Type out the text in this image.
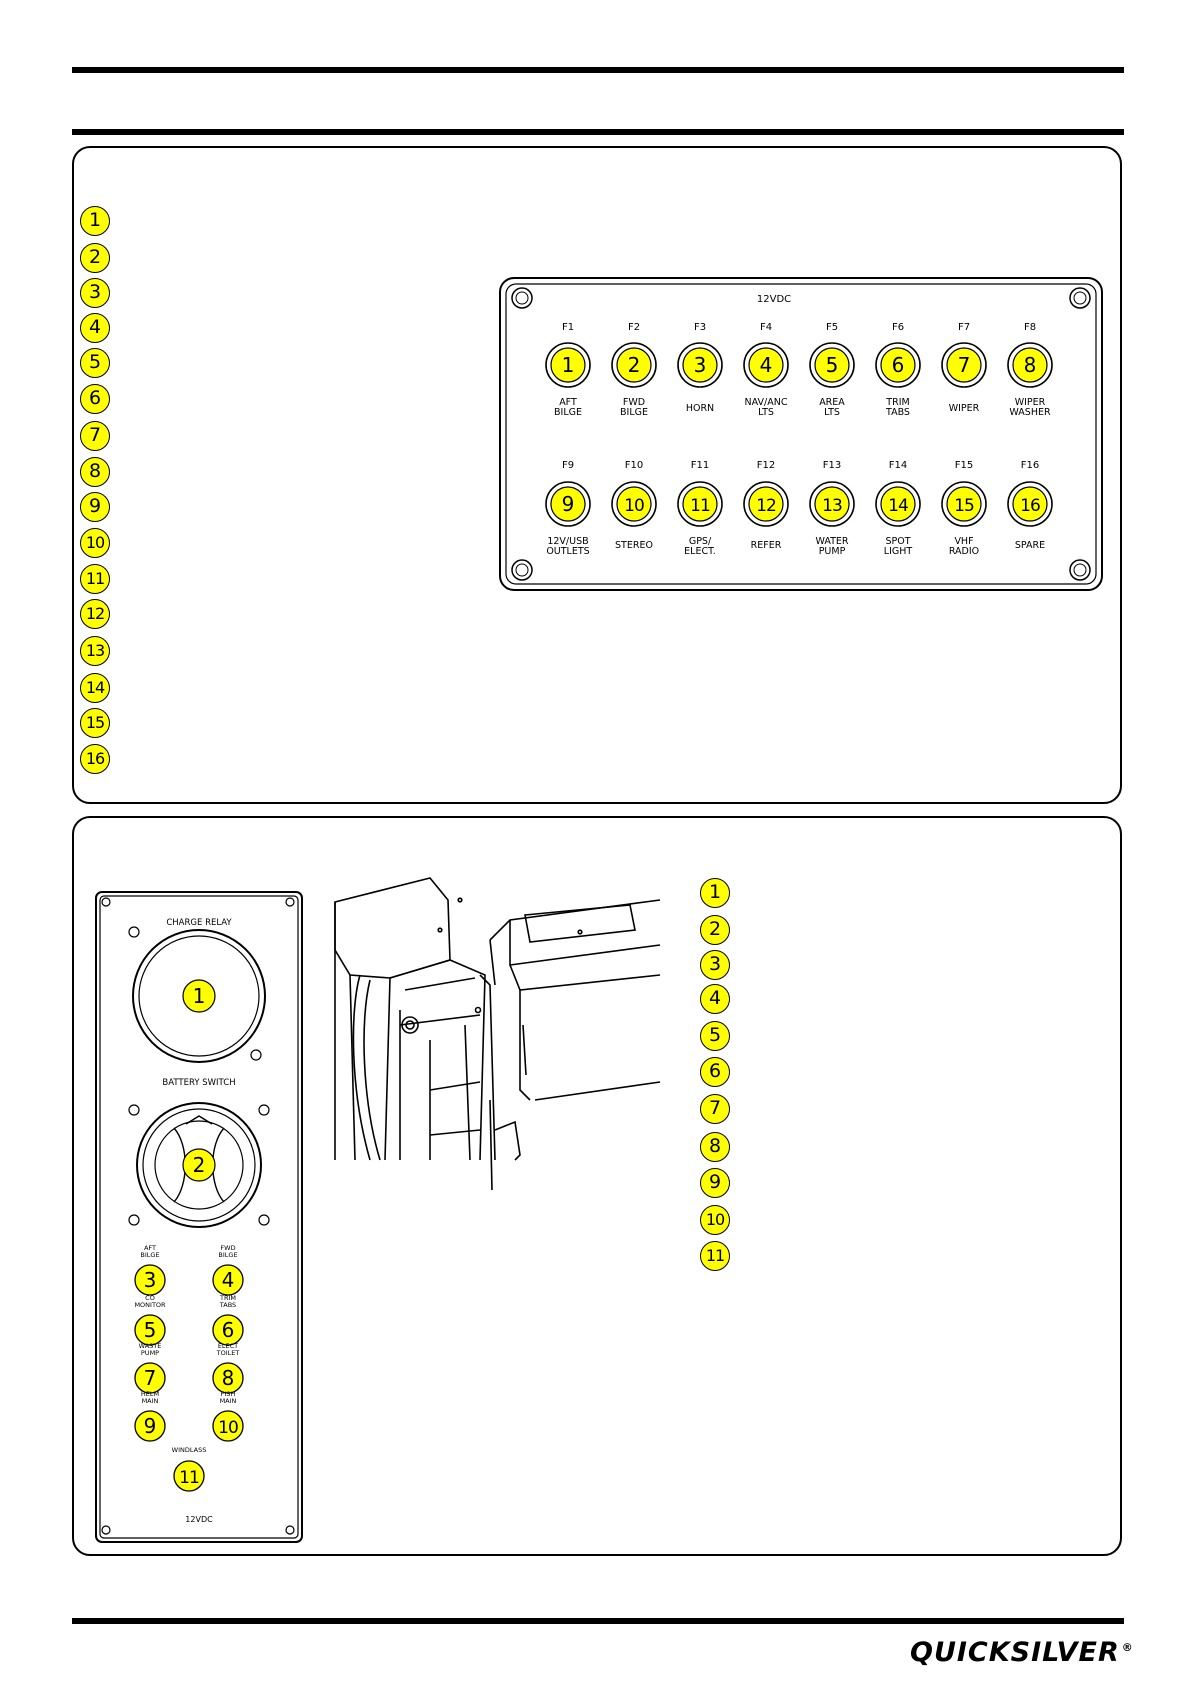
1
2
3
4
5
6
7
8
9
10
11
12
13
14
15
16
12VDC
F1
1
AFT
BILGE
F2
2
FWD
BILGE
F3
3
HORN
F4
4
NAV/ANC
LTS
F5
5
AREA
LTS
F6
6
TRIM
TABS
F7
7
WIPER
F8
8
WIPER
WASHER
F9
9
12V/USB
OUTLETS
F10
10
STEREO
F11
11
GPS/
ELECT.
F12
12
REFER
F13
13
WATER
PUMP
F14
14
SPOT
LIGHT
F15
15
VHF
RADIO
F16
16
SPARE
CHARGE RELAY
1
BATTERY SWITCH
2
AFT
BILGE
3
FWD
BILGE
4
CO
MONITOR
5
TRIM
TABS
6
WASTE
PUMP
7
ELECT
TOILET
8
HELM
MAIN
9
FISH
MAIN
10
WINDLASS
11
12VDC
1
2
3
4
5
6
7
8
9
10
11
QUICKSILVER ®
